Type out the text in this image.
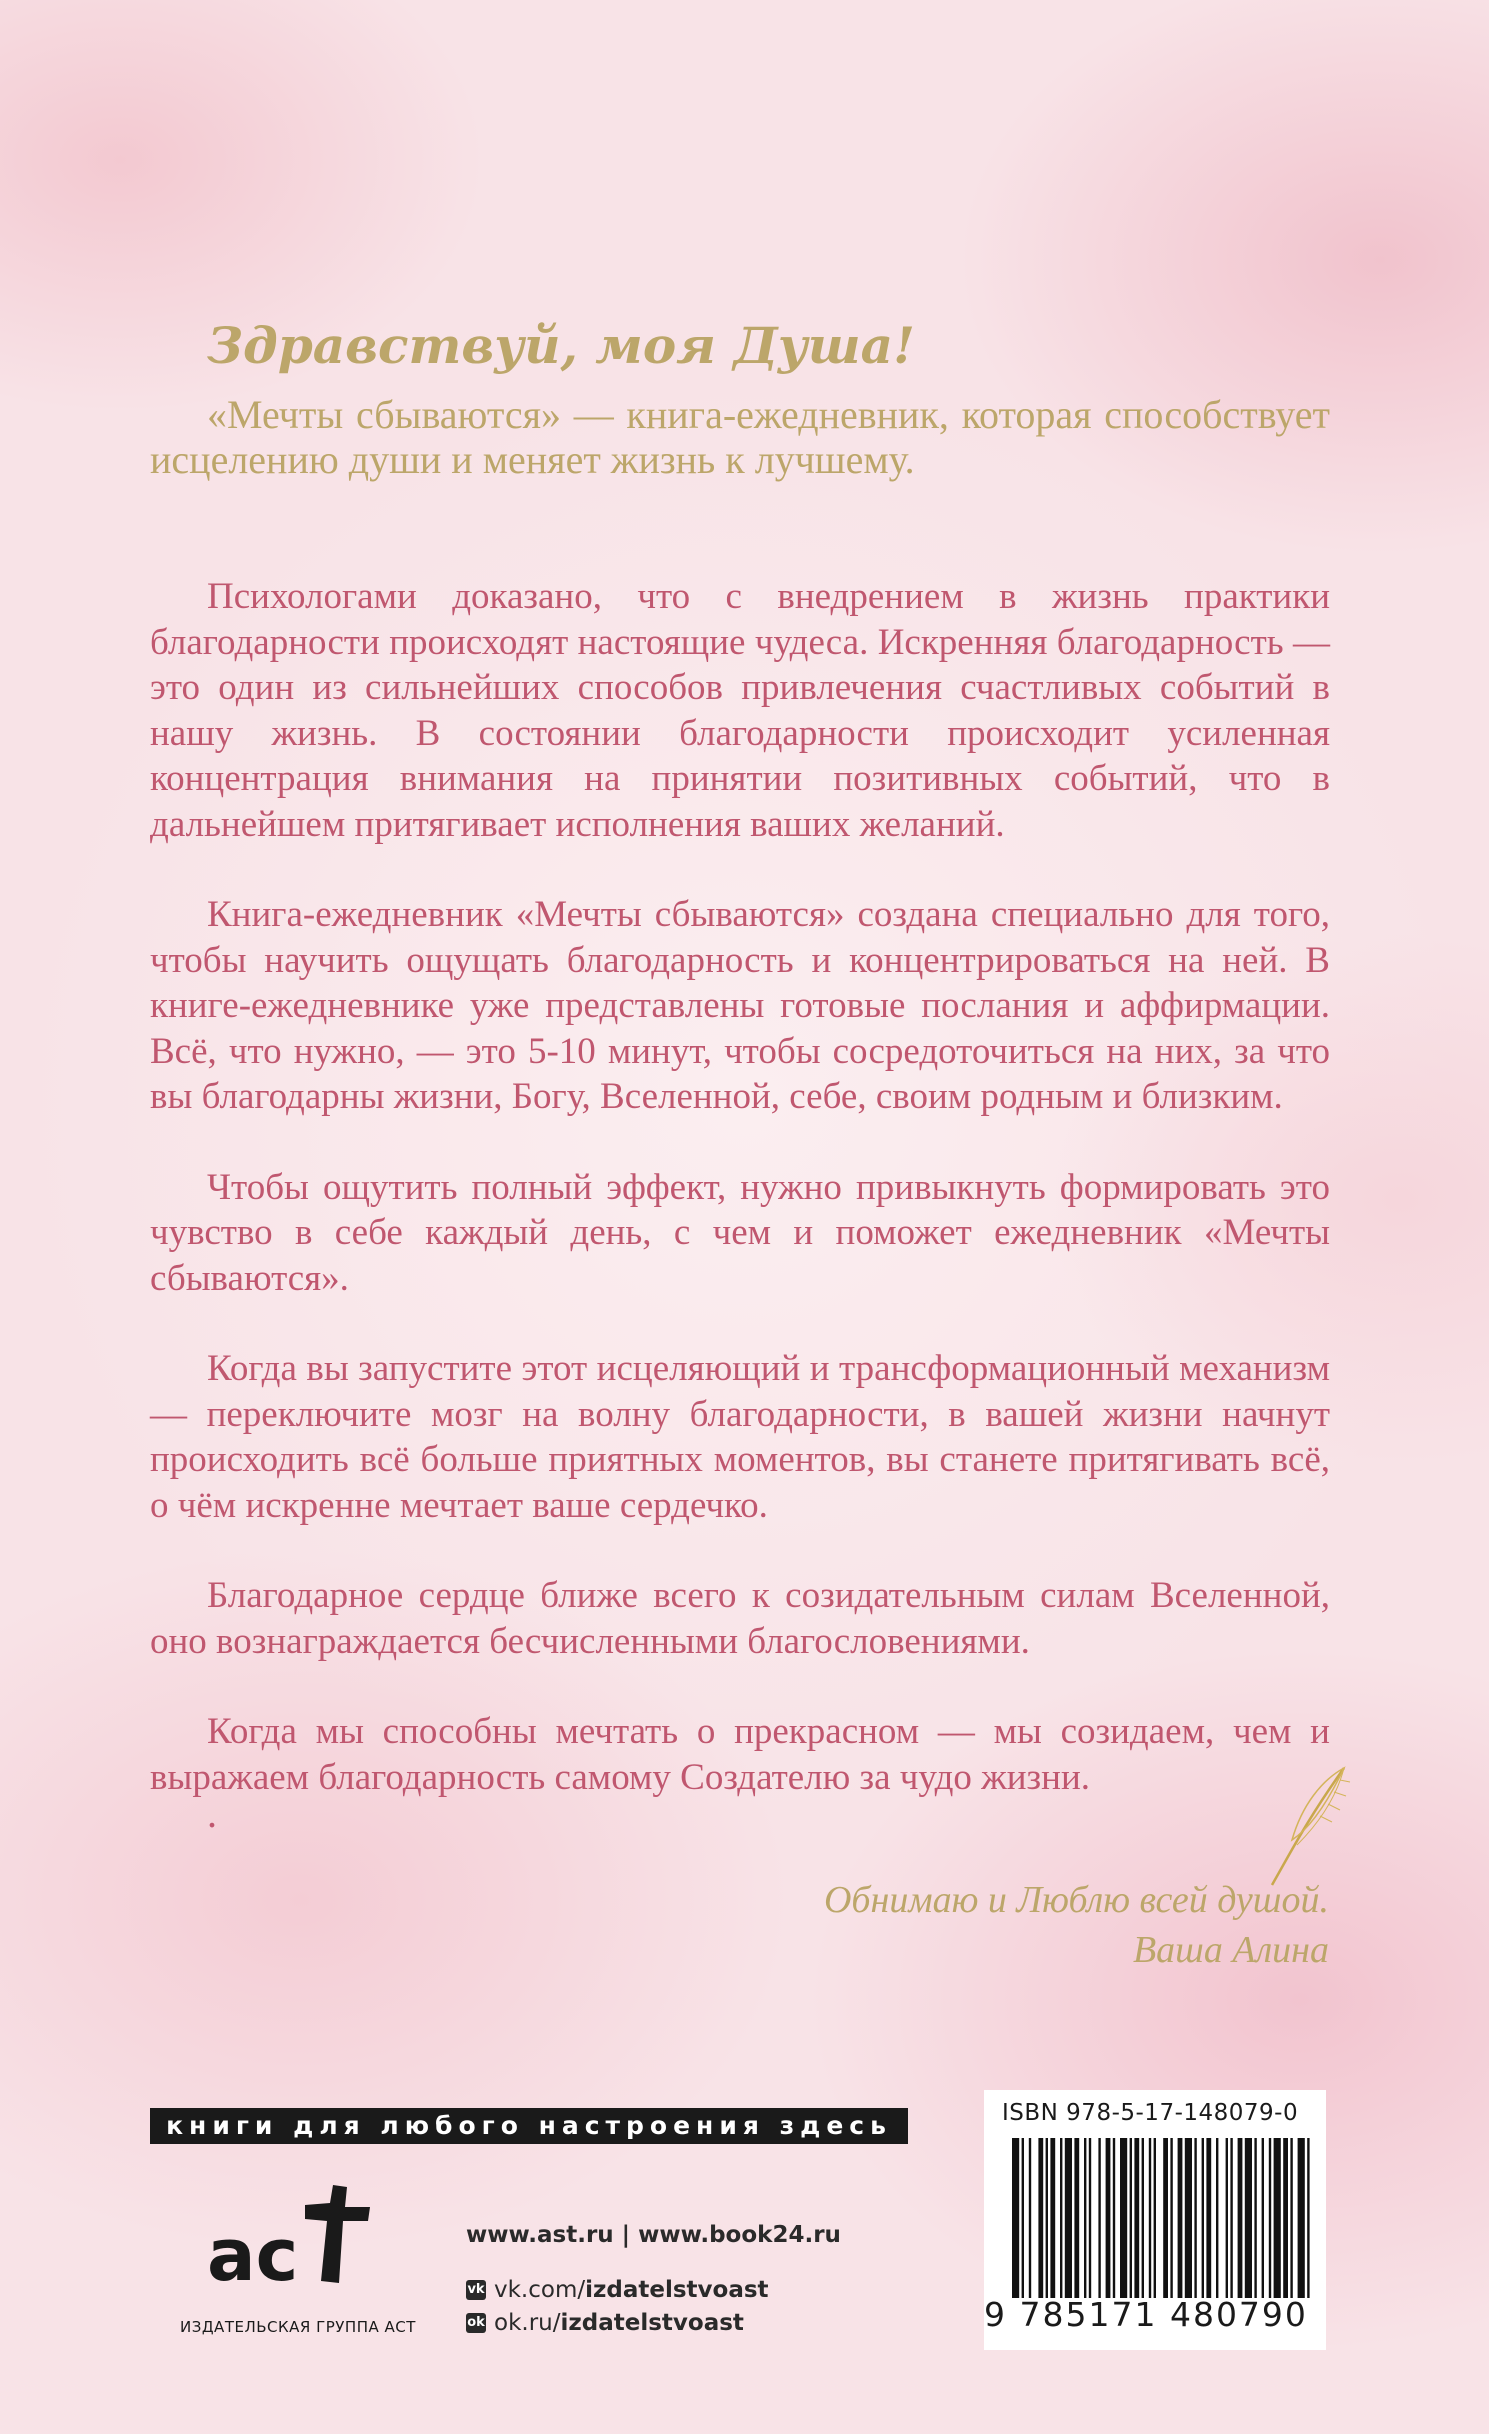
Здравствуй, моя Душа!

«Мечты сбываются» — книга-ежедневник, которая способствует исцелению души и меняет жизнь к лучшему.

Психологами доказано, что с внедрением в жизнь практики благодарности происходят настоящие чудеса. Искренняя благодарность — это один из сильнейших способов привлечения счастливых событий в нашу жизнь. В состоянии благодарности происходит усиленная концентрация внимания на принятии позитивных событий, что в дальнейшем притягивает исполнения ваших желаний.

Книга-ежедневник «Мечты сбываются» создана специально для того, чтобы научить ощущать благодарность и концентрироваться на ней. В книге-ежедневнике уже представлены готовые послания и аффирмации. Всё, что нужно, — это 5-10 минут, чтобы сосредоточиться на них, за что вы благодарны жизни, Богу, Вселенной, себе, своим родным и близким.

Чтобы ощутить полный эффект, нужно привыкнуть формировать это чувство в себе каждый день, с чем и поможет ежедневник «Мечты сбываются».

Когда вы запустите этот исцеляющий и трансформационный механизм — переключите мозг на волну благодарности, в вашей жизни начнут происходить всё больше приятных моментов, вы станете притягивать всё, о чём искренне мечтает ваше сердечко.

Благодарное сердце ближе всего к созидательным силам Вселенной, оно вознаграждается бесчисленными благословениями.

Когда мы способны мечтать о прекрасном — мы созидаем, чем и выражаем благодарность самому Создателю за чудо жизни.

.
Обнимаю и Люблю всей душой.
Ваша Алина
книги для любого настроения здесь
ac
ИЗДАТЕЛЬСКАЯ ГРУППА АСТ
www.ast.ru | www.book24.ru
vk vk.com/ izdatelstvoast
ok ok.ru/ izdatelstvoast
ISBN 978-5-17-148079-0
9 785171 480790
